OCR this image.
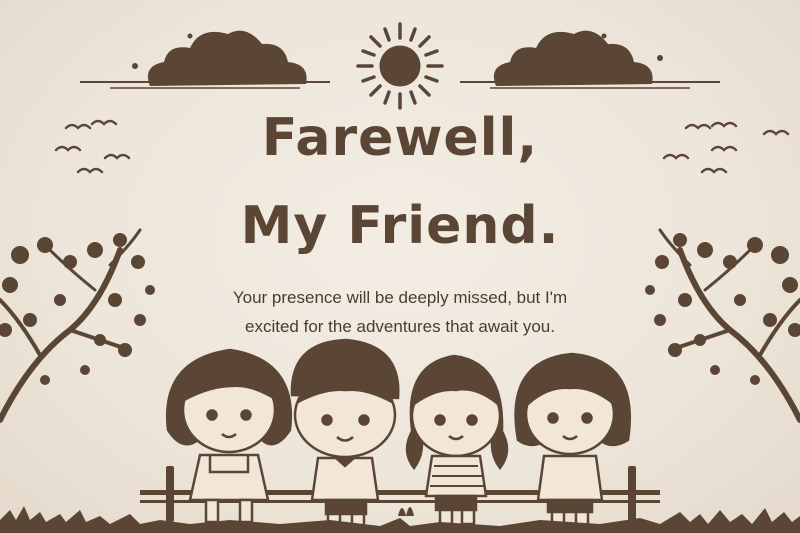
Farewell,
My Friend.

Your presence will be deeply missed, but I'm

excited for the adventures that await you.
